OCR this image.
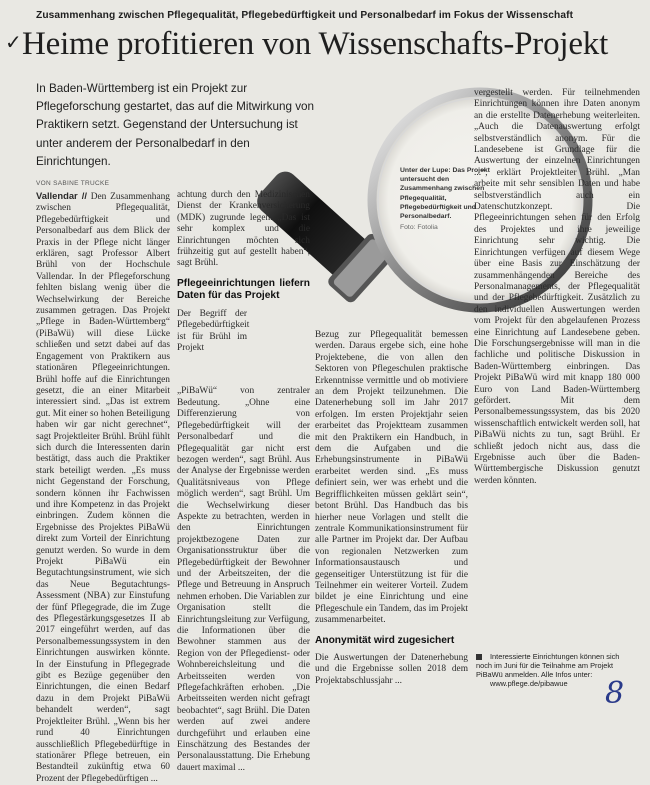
Zusammenhang zwischen Pflegequalität, Pflegebedürftigkeit und Personalbedarf im Fokus der Wissenschaft
✓ Heime profitieren von Wissenschafts-Projekt
In Baden-Württemberg ist ein Projekt zur Pflegeforschung gestartet, das auf die Mitwirkung von Praktikern setzt. Gegenstand der Untersuchung ist unter anderem der Personalbedarf in den Einrichtungen.
Unter der Lupe: Das Projekt untersucht den Zusammenhang zwischen Pflegequalität, Pflegebedürftigkeit und Personalbedarf.
Foto: Fotolia
VON SABINE TRUCKE
Vallendar // Den Zusammenhang zwischen Pflegequalität, Pflegebedürftigkeit und Personalbedarf aus dem Blick der Praxis in der Pflege nicht länger erklären, sagt Professor Albert Brühl von der Hochschule Vallendar. In der Pflegeforschung fehlten bislang wenig über die Wechselwirkung der Bereiche zusammen getragen. Das Projekt „Pflege in Baden-Württemberg“ (PiBaWü) will diese Lücke schließen und setzt dabei auf das Engagement von Praktikern aus stationären Pflegeeinrichtungen. Brühl hoffe auf die Einrichtungen gesetzt, die an einer Mitarbeit interessiert sind. „Das ist extrem gut. Mit einer so hohen Beteiligung haben wir gar nicht gerechnet“, sagt Projektleiter Brühl. Brühl fühlt sich durch die Interessenten darin bestätigt, dass auch die Praktiker stark beteiligt werden. „Es muss nicht Gegenstand der Forschung, sondern können ihr Fachwissen und ihre Kompetenz in das Projekt einbringen. Zudem können die Ergebnisse des Projektes PiBaWü direkt zum Vorteil der Einrichtung genutzt werden. So wurde in dem Projekt PiBaWü ein Begutachtungsinstrument, wie sich das Neue Begutachtungs-Assessment (NBA) zur Einstufung der fünf Pflegegrade, die im Zuge des Pflegestärkungsgesetzes II ab 2017 eingeführt werden, auf das Personalbemessungssystem in den Einrichtungen auswirken könnte. In der Einstufung in Pflegegrade gibt es Bezüge gegenüber den Einrichtungen, die einen Bedarf dazu in dem Projekt PiBaWü behandelt werden“, sagt Projektleiter Brühl. „Wenn bis her rund 40 Einrichtungen ausschließlich Pflegebedürftige in stationärer Pflege betreuen, ein Bestandteil zukünftig etwa 60 Prozent der Pflegebedürftigen ...

achtung durch den Medizinischen Dienst der Krankenversicherung (MDK) zugrunde legen. „Das ist sehr komplex und die Einrichtungen möchten sich frühzeitig gut auf gestellt haben“, sagt Brühl.

Pflegeeinrichtungen liefern Daten für das Projekt

Der Begriff der Pflegebedürftigkeit ist für Brühl im Projekt

„PiBaWü“ von zentraler Bedeutung. „Ohne eine Differenzierung von Pflegebedürftigkeit will der Personalbedarf und die Pflegequalität gar nicht erst bezogen werden“, sagt Brühl. Aus der Analyse der Ergebnisse werden Qualitätsniveaus von Pflege möglich werden“, sagt Brühl. Um die Wechselwirkung dieser Aspekte zu betrachten, werden in den Einrichtungen projektbezogene Daten zur Organisationsstruktur über die Pflegebedürftigkeit der Bewohner und der Arbeitszeiten, der die Pflege und Betreuung in Anspruch nehmen erhoben. Die Variablen zur Organisation stellt die Einrichtungsleitung zur Verfügung, die Informationen über die Bewohner stammen aus der Region von der Pflegedienst- oder Wohnbereichsleitung und die Arbeitsseiten werden von Pflegefachkräften erhoben. „Die Arbeitsseiten werden nicht gefragt beobachtet“, sagt Brühl. Die Daten werden auf zwei andere durchgeführt und erlauben eine Einschätzung des Bestandes der Personalausstattung. Die Erhebung dauert maximal ...

Bezug zur Pflegequalität bemessen werden. Daraus ergebe sich, eine hohe Projektebene, die von allen den Sektoren von Pflegeschulen praktische Erkenntnisse vermittle und ob motiviere an dem Projekt teilzunehmen. Die Datenerhebung soll im Jahr 2017 erfolgen. Im ersten Projektjahr seien erarbeitet das Projektteam zusammen mit den Praktikern ein Handbuch, in dem die Aufgaben und die Erhebungsinstrumente in PiBaWü erarbeitet werden sind. „Es muss definiert sein, wer was erhebt und die Begrifflichkeiten müssen geklärt sein“, betont Brühl. Das Handbuch das bis hierher neue Vorlagen und stellt die zentrale Kommunikationsinstrument für alle Partner im Projekt dar. Der Aufbau von regionalen Netzwerken zum Informationsaustausch und gegenseitiger Unterstützung ist für die Teilnehmer ein weiterer Vorteil. Zudem bildet je eine Einrichtung und eine Pflegeschule ein Tandem, das im Projekt zusammenarbeitet.

Anonymität wird zugesichert

Die Auswertungen der Datenerhebung und die Ergebnisse sollen 2018 dem Projektabschlussjahr ...

vergestellt werden. Für teilnehmenden Einrichtungen können ihre Daten anonym an die erstellte Datenerhebung weiterleiten. „Auch die Datenauswertung erfolgt selbstverständlich anonym. Für die Landesebene ist Grundlage für die Auswertung der einzelnen Einrichtungen ...“, erklärt Projektleiter Brühl. „Man arbeite mit sehr sensiblen Daten und habe selbstverständlich auch ein Datenschutzkonzept. Die Pflegeeinrichtungen sehen für den Erfolg des Projektes und ihre jeweilige Einrichtung sehr wichtig. Die Einrichtungen verfügen auf diesem Wege über eine Basis zur Einschätzung der zusammenhängenden Bereiche des Personalmanagements, der Pflegequalität und der Pflegebedürftigkeit. Zusätzlich zu den individuellen Auswertungen werden vom Projekt für den abgelaufenen Prozess eine Einrichtung auf Landesebene geben. Die Forschungsergebnisse will man in die fachliche und politische Diskussion in Baden-Württemberg einbringen. Das Projekt PiBaWü wird mit knapp 180 000 Euro von Land Baden-Württemberg gefördert. Mit dem Personalbemessungssystem, das bis 2020 wissenschaftlich entwickelt werden soll, hat PiBaWü nichts zu tun, sagt Brühl. Er schließt jedoch nicht aus, dass die Ergebnisse auch über die Baden-Württembergische Diskussion genutzt werden könnten.

Interessierte Einrichtungen können sich noch im Juni für die Teilnahme am Projekt PiBaWü anmelden. Alle Infos unter:
www.pflege.de/pibawue	8
